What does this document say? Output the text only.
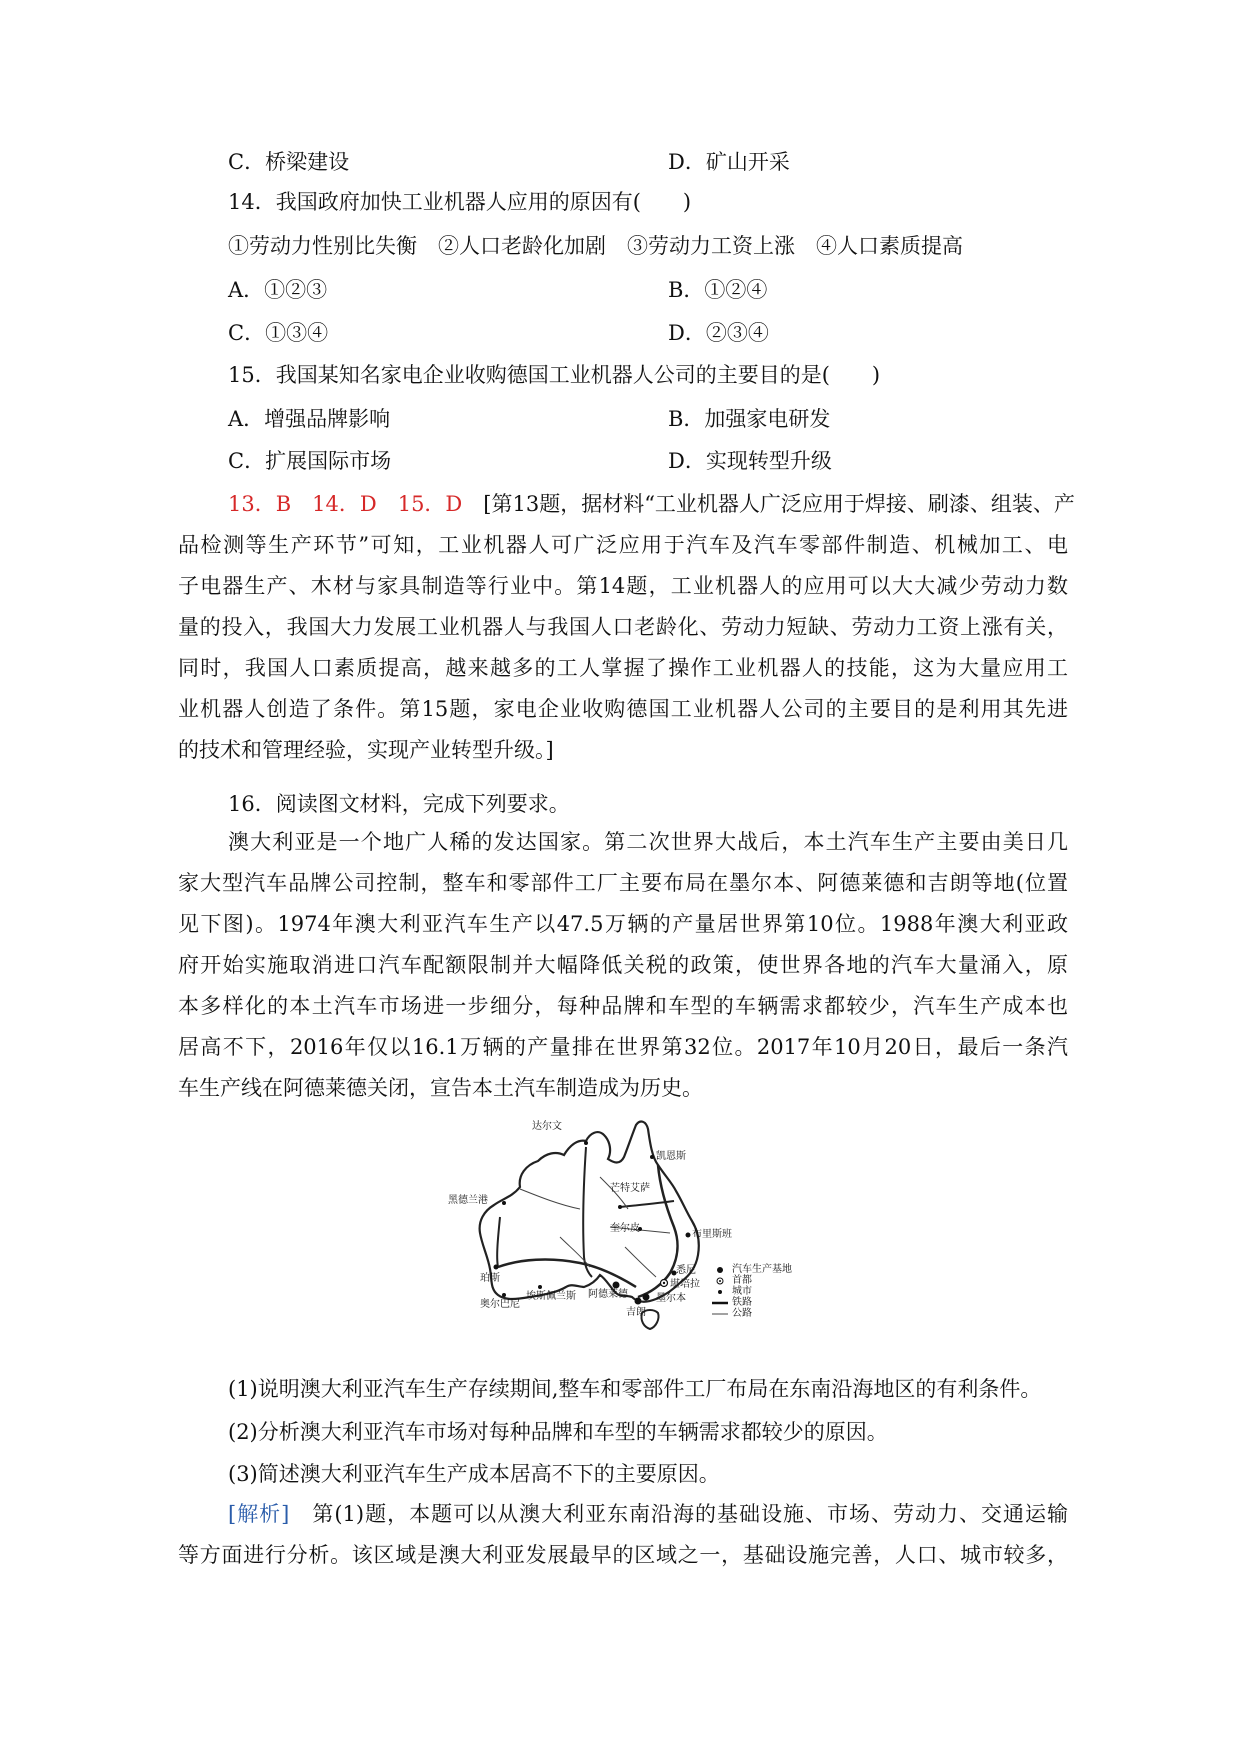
C．桥梁建设	D．矿山开采
14．我国政府加快工业机器人应用的原因有(　　)
①劳动力性别比失衡　②人口老龄化加剧　③劳动力工资上涨　④人口素质提高
A．①②③	B．①②④
C．①③④	D．②③④
15．我国某知名家电企业收购德国工业机器人公司的主要目的是(　　)
A．增强品牌影响	B．加强家电研发
C．扩展国际市场	D．实现转型升级
13．B　14．D　15．D　[第13题，据材料“工业机器人广泛应用于焊接、刷漆、组装、产
品检测等生产环节”可知，工业机器人可广泛应用于汽车及汽车零部件制造、机械加工、电
子电器生产、木材与家具制造等行业中。第14题，工业机器人的应用可以大大减少劳动力数
量的投入，我国大力发展工业机器人与我国人口老龄化、劳动力短缺、劳动力工资上涨有关，
同时，我国人口素质提高，越来越多的工人掌握了操作工业机器人的技能，这为大量应用工
业机器人创造了条件。第15题，家电企业收购德国工业机器人公司的主要目的是利用其先进
的技术和管理经验，实现产业转型升级。]
16．阅读图文材料，完成下列要求。
澳大利亚是一个地广人稀的发达国家。第二次世界大战后，本土汽车生产主要由美日几
家大型汽车品牌公司控制，整车和零部件工厂主要布局在墨尔本、阿德莱德和吉朗等地(位置
见下图)。1974年澳大利亚汽车生产以47.5万辆的产量居世界第10位。1988年澳大利亚政
府开始实施取消进口汽车配额限制并大幅降低关税的政策，使世界各地的汽车大量涌入，原
本多样化的本土汽车市场进一步细分，每种品牌和车型的车辆需求都较少，汽车生产成本也
居高不下，2016年仅以16.1万辆的产量排在世界第32位。2017年10月20日，最后一条汽
车生产线在阿德莱德关闭，宣告本土汽车制造成为历史。
达尔文
凯恩斯
芒特艾萨
黑德兰港
奎尔皮
布里斯班
珀斯
奥尔巴尼
埃斯佩兰斯 阿德莱德
悉尼
堪培拉
墨尔本
吉朗
汽车生产基地
首都
城市
铁路
公路
(1)说明澳大利亚汽车生产存续期间,整车和零部件工厂布局在东南沿海地区的有利条件。
(2)分析澳大利亚汽车市场对每种品牌和车型的车辆需求都较少的原因。
(3)简述澳大利亚汽车生产成本居高不下的主要原因。
[解析]　第(1)题，本题可以从澳大利亚东南沿海的基础设施、市场、劳动力、交通运输
等方面进行分析。该区域是澳大利亚发展最早的区域之一，基础设施完善，人口、城市较多，
